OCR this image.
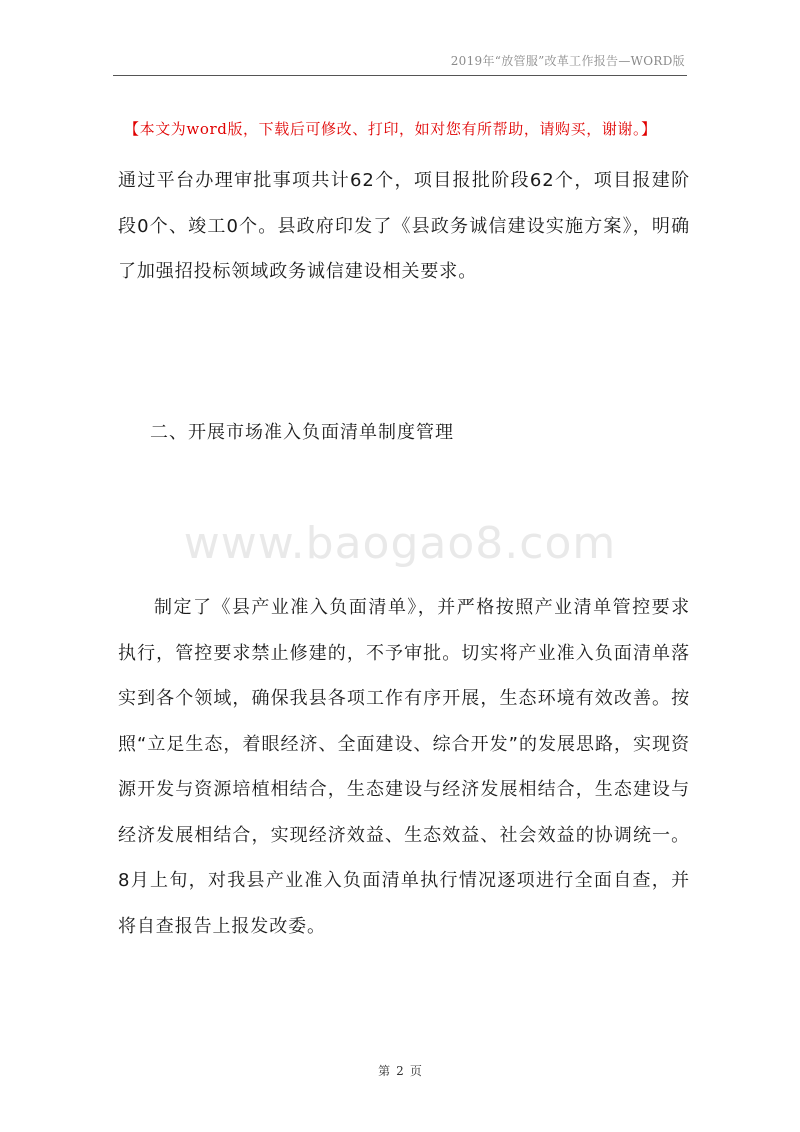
2019年“放管服”改革工作报告—WORD版
【本文为word版，下载后可修改、打印，如对您有所帮助，请购买，谢谢。】
通过平台办理审批事项共计62个，项目报批阶段62个，项目报建阶段0个、竣工0个。县政府印发了《县政务诚信建设实施方案》，明确了加强招投标领域政务诚信建设相关要求。
二、开展市场准入负面清单制度管理
www.baogao8.com
制定了《县产业准入负面清单》，并严格按照产业清单管控要求执行，管控要求禁止修建的，不予审批。切实将产业准入负面清单落实到各个领域，确保我县各项工作有序开展，生态环境有效改善。按照“立足生态，着眼经济、全面建设、综合开发”的发展思路，实现资源开发与资源培植相结合，生态建设与经济发展相结合，生态建设与经济发展相结合，实现经济效益、生态效益、社会效益的协调统一。8月上旬，对我县产业准入负面清单执行情况逐项进行全面自查，并将自查报告上报发改委。
第 2 页
